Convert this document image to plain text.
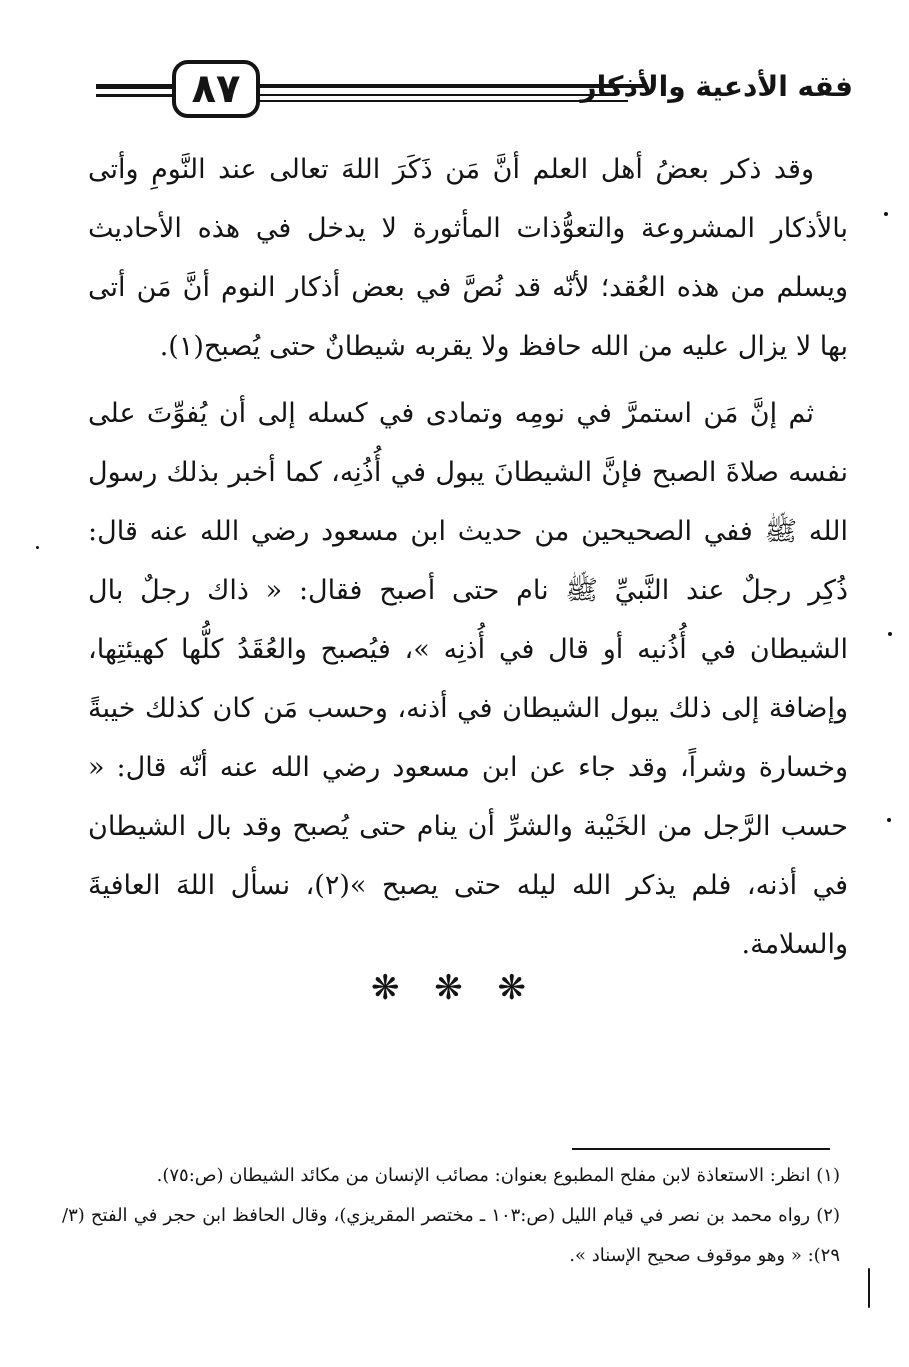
٨٧	فقه الأدعية والأذكار

وقد ذكر بعضُ أهل العلم أنَّ مَن ذَكَرَ اللهَ تعالى عند النَّومِ وأتى بالأذكار المشروعة والتعوُّذات المأثورة لا يدخل في هذه الأحاديث ويسلم من هذه العُقد؛ لأنّه قد نُصَّ في بعض أذكار النوم أنَّ مَن أتى بها لا يزال عليه من الله حافظ ولا يقربه شيطانٌ حتى يُصبح(١).

ثم إنَّ مَن استمرَّ في نومِه وتمادى في كسله إلى أن يُفوِّتَ على نفسه صلاةَ الصبح فإنَّ الشيطانَ يبول في أُذُنِه، كما أخبر بذلك رسول الله ﷺ ففي الصحيحين من حديث ابن مسعود رضي الله عنه قال: ذُكِر رجلٌ عند النَّبيِّ ﷺ نام حتى أصبح فقال: « ذاك رجلٌ بال الشيطان في أُذُنيه أو قال في أُذنِه »، فيُصبح والعُقَدُ كلُّها كهيئتِها، وإضافة إلى ذلك يبول الشيطان في أذنه، وحسب مَن كان كذلك خيبةً وخسارة وشراً، وقد جاء عن ابن مسعود رضي الله عنه أنّه قال: « حسب الرَّجل من الخَيْبة والشرِّ أن ينام حتى يُصبح وقد بال الشيطان في أذنه، فلم يذكر الله ليله حتى يصبح »(٢)، نسأل اللهَ العافيةَ والسلامة.

❋ ❋ ❋

(١) انظر: الاستعاذة لابن مفلح المطبوع بعنوان: مصائب الإنسان من مكائد الشيطان (ص:٧٥).

(٢) رواه محمد بن نصر في قيام الليل (ص:١٠٣ ـ مختصر المقريزي)، وقال الحافظ ابن حجر في الفتح (٣/ ٢٩): « وهو موقوف صحيح الإسناد ».
